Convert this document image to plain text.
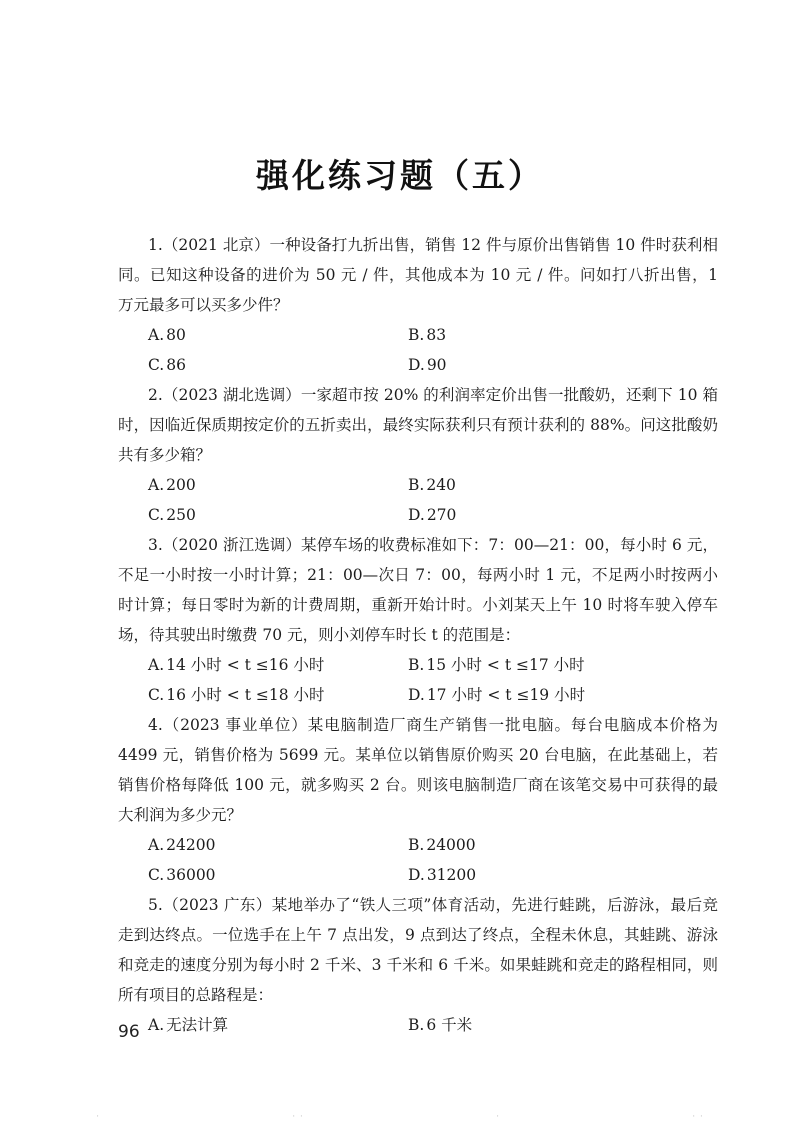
强化练习题（五）

1.（2021 北京）一种设备打九折出售，销售 12 件与原价出售销售 10 件时获利相同。已知这种设备的进价为 50 元 / 件，其他成本为 10 元 / 件。问如打八折出售，1 万元最多可以买多少件？

A. 80	B. 83
C. 86	D. 90

2.（2023 湖北选调）一家超市按 20% 的利润率定价出售一批酸奶，还剩下 10 箱时，因临近保质期按定价的五折卖出，最终实际获利只有预计获利的 88%。问这批酸奶共有多少箱？

A. 200	B. 240
C. 250	D. 270

3.（2020 浙江选调）某停车场的收费标准如下：7：00—21：00，每小时 6 元，不足一小时按一小时计算；21：00—次日 7：00，每两小时 1 元，不足两小时按两小时计算；每日零时为新的计费周期，重新开始计时。小刘某天上午 10 时将车驶入停车场，待其驶出时缴费 70 元，则小刘停车时长 t 的范围是：

A. 14 小时 < t ≤16 小时	B. 15 小时 < t ≤17 小时
C. 16 小时 < t ≤18 小时	D. 17 小时 < t ≤19 小时

4.（2023 事业单位）某电脑制造厂商生产销售一批电脑。每台电脑成本价格为 4499 元，销售价格为 5699 元。某单位以销售原价购买 20 台电脑，在此基础上，若销售价格每降低 100 元，就多购买 2 台。则该电脑制造厂商在该笔交易中可获得的最大利润为多少元？

A. 24200	B. 24000
C. 36000	D. 31200

5.（2023 广东）某地举办了“铁人三项”体育活动，先进行蛙跳，后游泳，最后竞走到达终点。一位选手在上午 7 点出发，9 点到达了终点，全程未休息，其蛙跳、游泳和竞走的速度分别为每小时 2 千米、3 千米和 6 千米。如果蛙跳和竞走的路程相同，则所有项目的总路程是：

A. 无法计算	B. 6 千米
96
·	· ·	·	· ·
